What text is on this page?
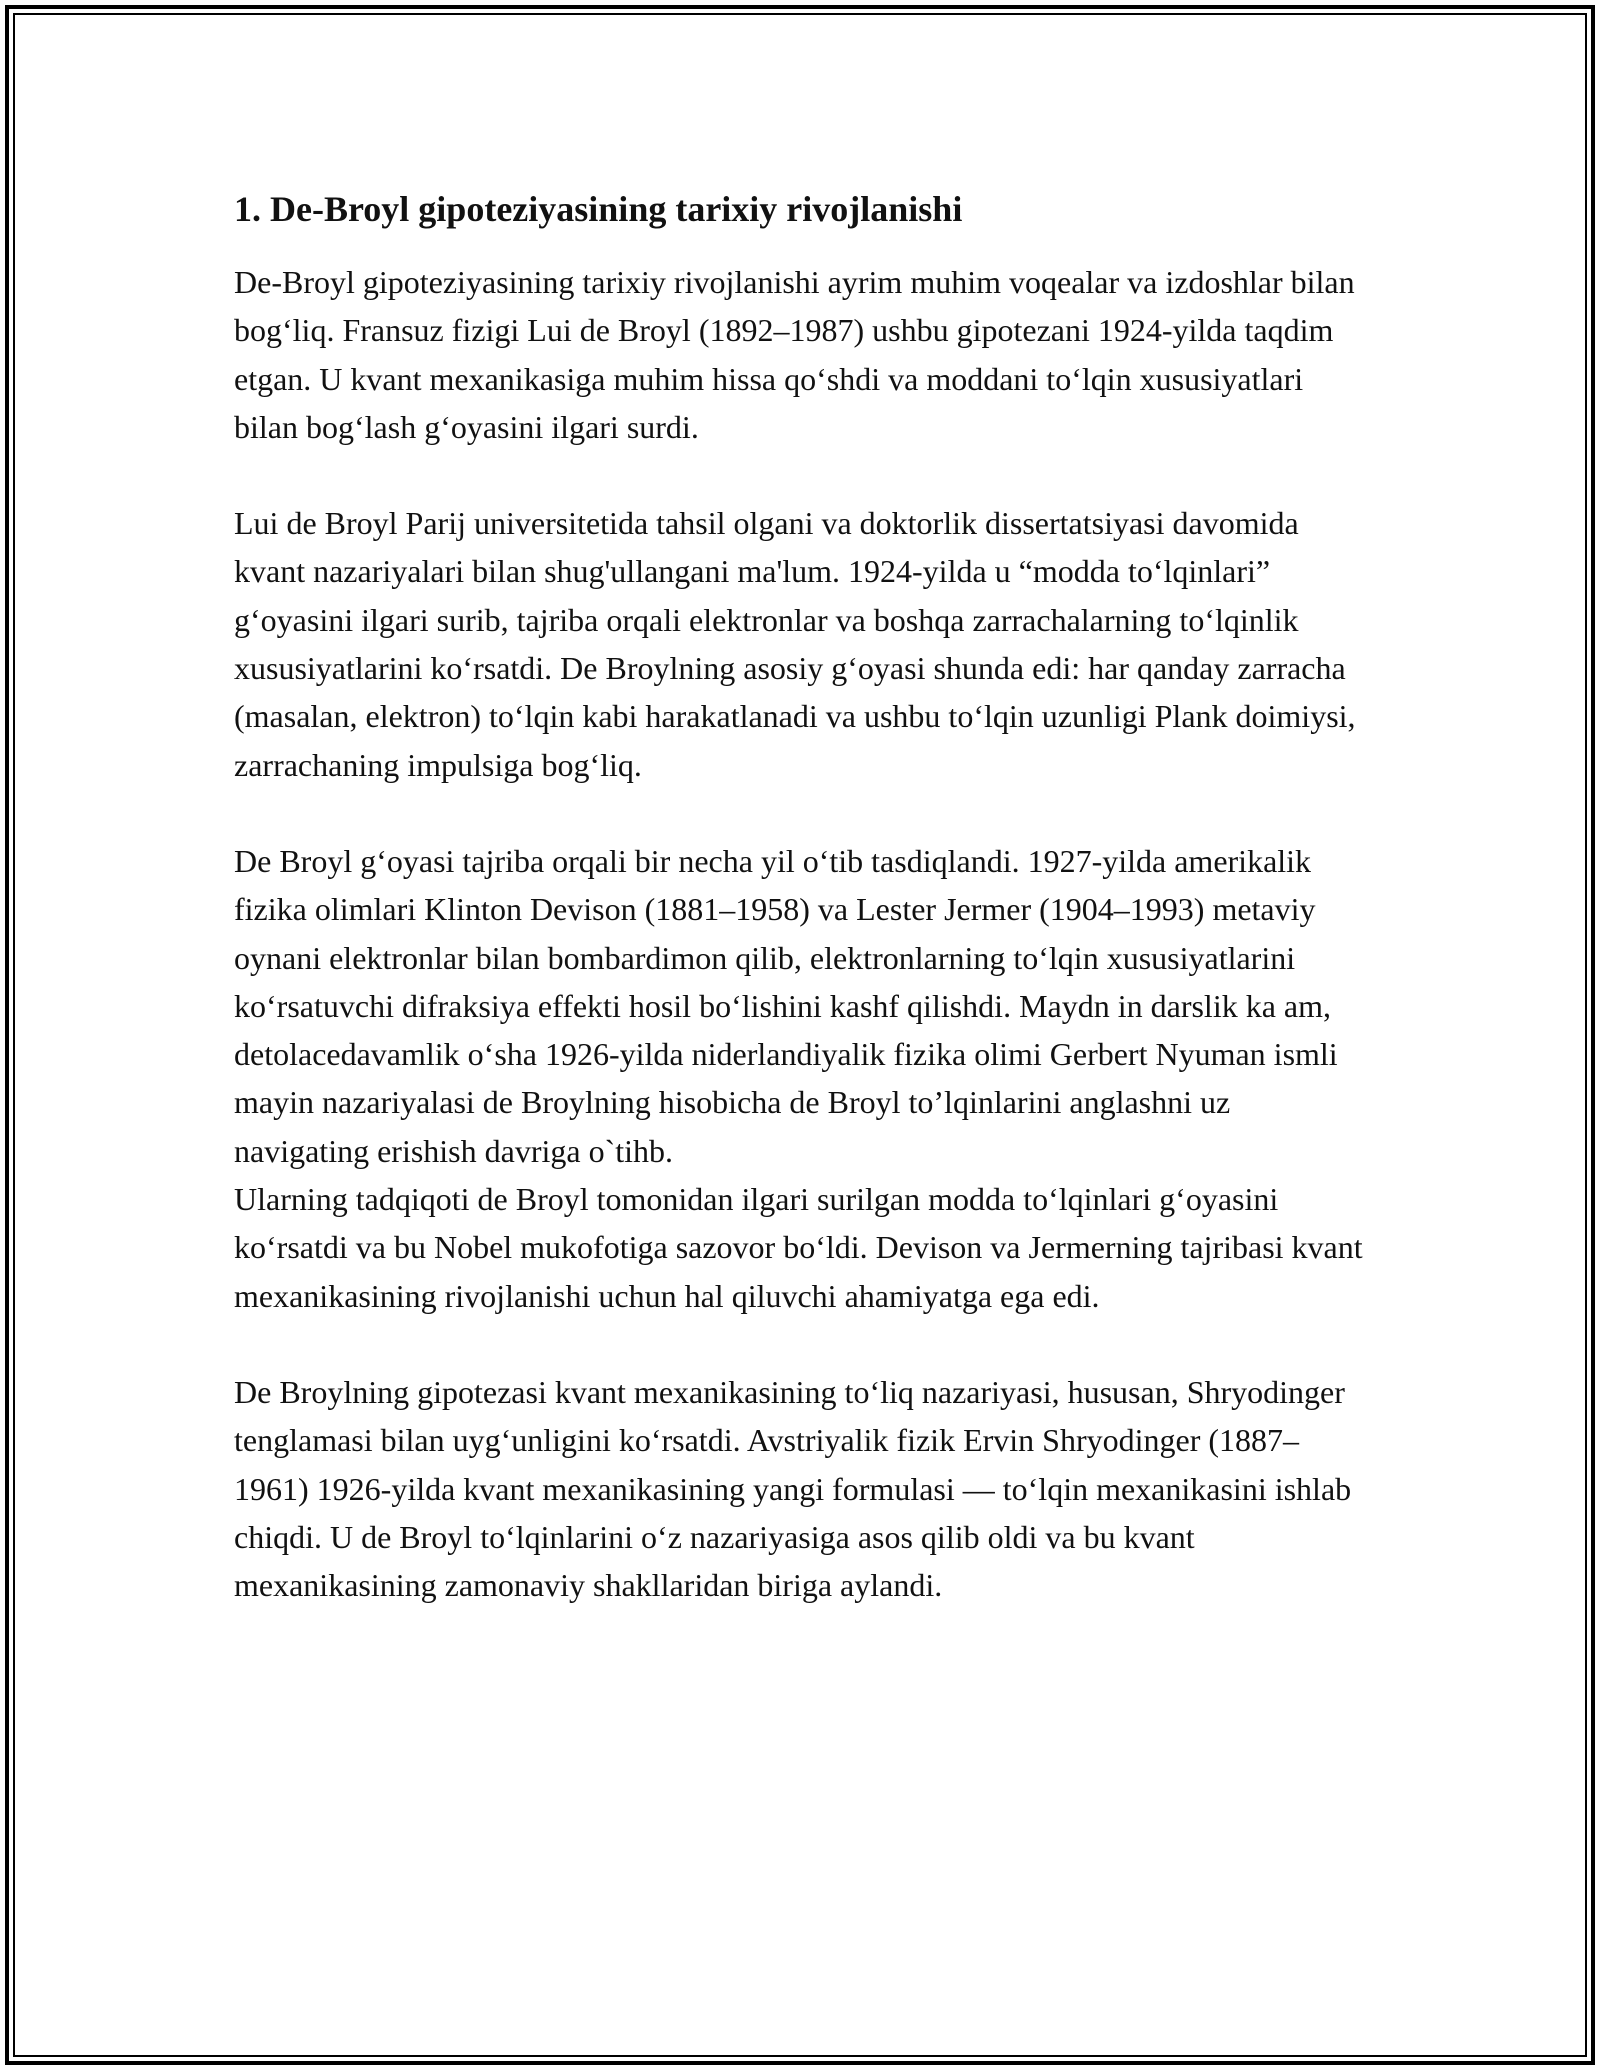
1. De-Broyl gipoteziyasining tarixiy rivojlanishi

De-Broyl gipoteziyasining tarixiy rivojlanishi ayrim muhim voqealar va izdoshlar bilan bog‘liq. Fransuz fizigi Lui de Broyl (1892–1987) ushbu gipotezani 1924-yilda taqdim etgan. U kvant mexanikasiga muhim hissa qo‘shdi va moddani to‘lqin xususiyatlari bilan bog‘lash g‘oyasini ilgari surdi.

Lui de Broyl Parij universitetida tahsil olgani va doktorlik dissertatsiyasi davomida kvant nazariyalari bilan shug'ullangani ma'lum. 1924-yilda u “modda to‘lqinlari” g‘oyasini ilgari surib, tajriba orqali elektronlar va boshqa zarrachalarning to‘lqinlik xususiyatlarini ko‘rsatdi. De Broylning asosiy g‘oyasi shunda edi: har qanday zarracha (masalan, elektron) to‘lqin kabi harakatlanadi va ushbu to‘lqin uzunligi Plank doimiysi, zarrachaning impulsiga bog‘liq.

De Broyl g‘oyasi tajriba orqali bir necha yil o‘tib tasdiqlandi. 1927-yilda amerikalik fizika olimlari Klinton Devison (1881–1958) va Lester Jermer (1904–1993) metaviy oynani elektronlar bilan bombardimon qilib, elektronlarning to‘lqin xususiyatlarini ko‘rsatuvchi difraksiya effekti hosil bo‘lishini kashf qilishdi. Maydn in darslik ka am, detolacedavamlik o‘sha 1926-yilda niderlandiyalik fizika olimi Gerbert Nyuman ismli mayin nazariyalasi de Broylning hisobicha de Broyl to’lqinlarini anglashni uz navigating erishish davriga o`tihb.

Ularning tadqiqoti de Broyl tomonidan ilgari surilgan modda to‘lqinlari g‘oyasini ko‘rsatdi va bu Nobel mukofotiga sazovor bo‘ldi. Devison va Jermerning tajribasi kvant mexanikasining rivojlanishi uchun hal qiluvchi ahamiyatga ega edi.

De Broylning gipotezasi kvant mexanikasining to‘liq nazariyasi, hususan, Shryodinger tenglamasi bilan uyg‘unligini ko‘rsatdi. Avstriyalik fizik Ervin Shryodinger (1887–1961) 1926-yilda kvant mexanikasining yangi formulasi — to‘lqin mexanikasini ishlab chiqdi. U de Broyl to‘lqinlarini o‘z nazariyasiga asos qilib oldi va bu kvant mexanikasining zamonaviy shakllaridan biriga aylandi.
